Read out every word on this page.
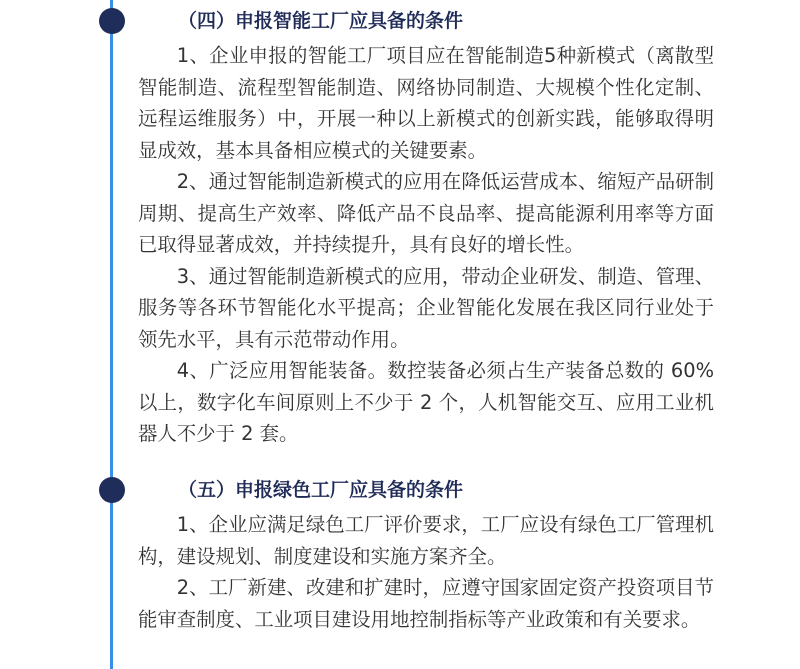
（四）申报智能工厂应具备的条件

1、企业申报的智能工厂项目应在智能制造5种新模式（离散型智能制造、流程型智能制造、网络协同制造、大规模个性化定制、远程运维服务）中，开展一种以上新模式的创新实践，能够取得明显成效，基本具备相应模式的关键要素。

2、通过智能制造新模式的应用在降低运营成本、缩短产品研制周期、提高生产效率、降低产品不良品率、提高能源利用率等方面已取得显著成效，并持续提升，具有良好的增长性。

3、通过智能制造新模式的应用，带动企业研发、制造、管理、服务等各环节智能化水平提高；企业智能化发展在我区同行业处于领先水平，具有示范带动作用。

4、广泛应用智能装备。数控装备必须占生产装备总数的 60%以上，数字化车间原则上不少于 2 个，人机智能交互、应用工业机器人不少于 2 套。

（五）申报绿色工厂应具备的条件

1、企业应满足绿色工厂评价要求，工厂应设有绿色工厂管理机构，建设规划、制度建设和实施方案齐全。

2、工厂新建、改建和扩建时，应遵守国家固定资产投资项目节能审查制度、工业项目建设用地控制指标等产业政策和有关要求。
